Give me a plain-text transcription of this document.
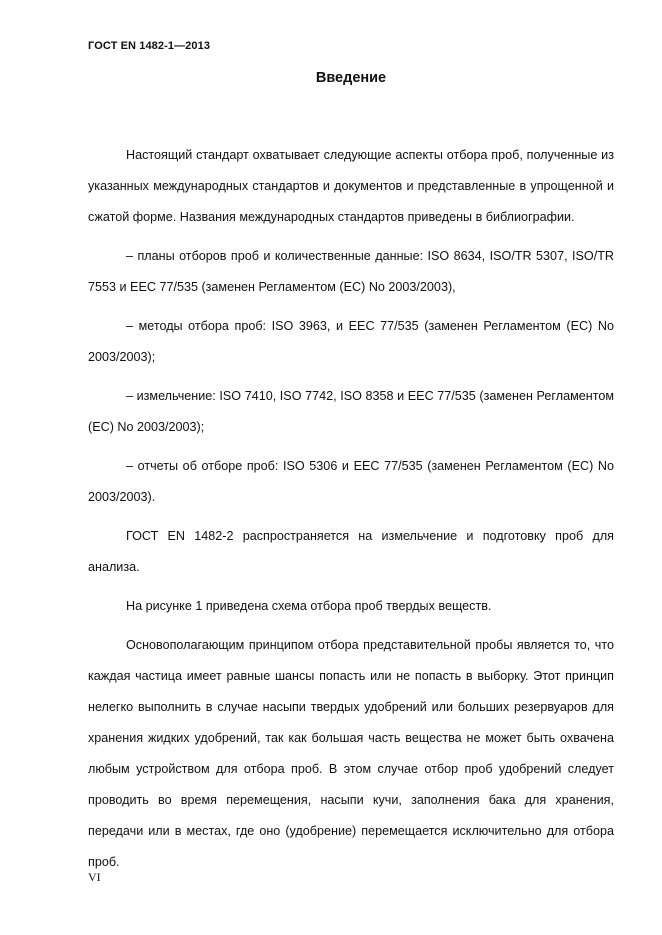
ГОСТ EN 1482-1—2013
Введение

Настоящий стандарт охватывает следующие аспекты отбора проб, полученные из указанных международных стандартов и документов и представленные в упрощенной и сжатой форме. Названия международных стандартов приведены в библиографии.

– планы отборов проб и количественные данные: ISO 8634, ISO/TR 5307, ISO/TR 7553 и EEC 77/535 (заменен Регламентом (ЕС) No 2003/2003),

– методы отбора проб: ISO 3963, и EEC 77/535 (заменен Регламентом (ЕС) No 2003/2003);

– измельчение: ISO 7410, ISO 7742, ISO 8358 и EEC 77/535 (заменен Регламентом (ЕС) No 2003/2003);

– отчеты об отборе проб: ISO 5306 и EEC 77/535 (заменен Регламентом (ЕС) No 2003/2003).

ГОСТ EN 1482-2 распространяется на измельчение и подготовку проб для анализа.

На рисунке 1 приведена схема отбора проб твердых веществ.

Основополагающим принципом отбора представительной пробы является то, что каждая частица имеет равные шансы попасть или не попасть в выборку. Этот принцип нелегко выполнить в случае насыпи твердых удобрений или больших резервуаров для хранения жидких удобрений, так как большая часть вещества не может быть охвачена любым устройством для отбора проб. В этом случае отбор проб удобрений следует проводить во время перемещения, насыпи кучи, заполнения бака для хранения, передачи или в местах, где оно (удобрение) перемещается исключительно для отбора проб.

VI
